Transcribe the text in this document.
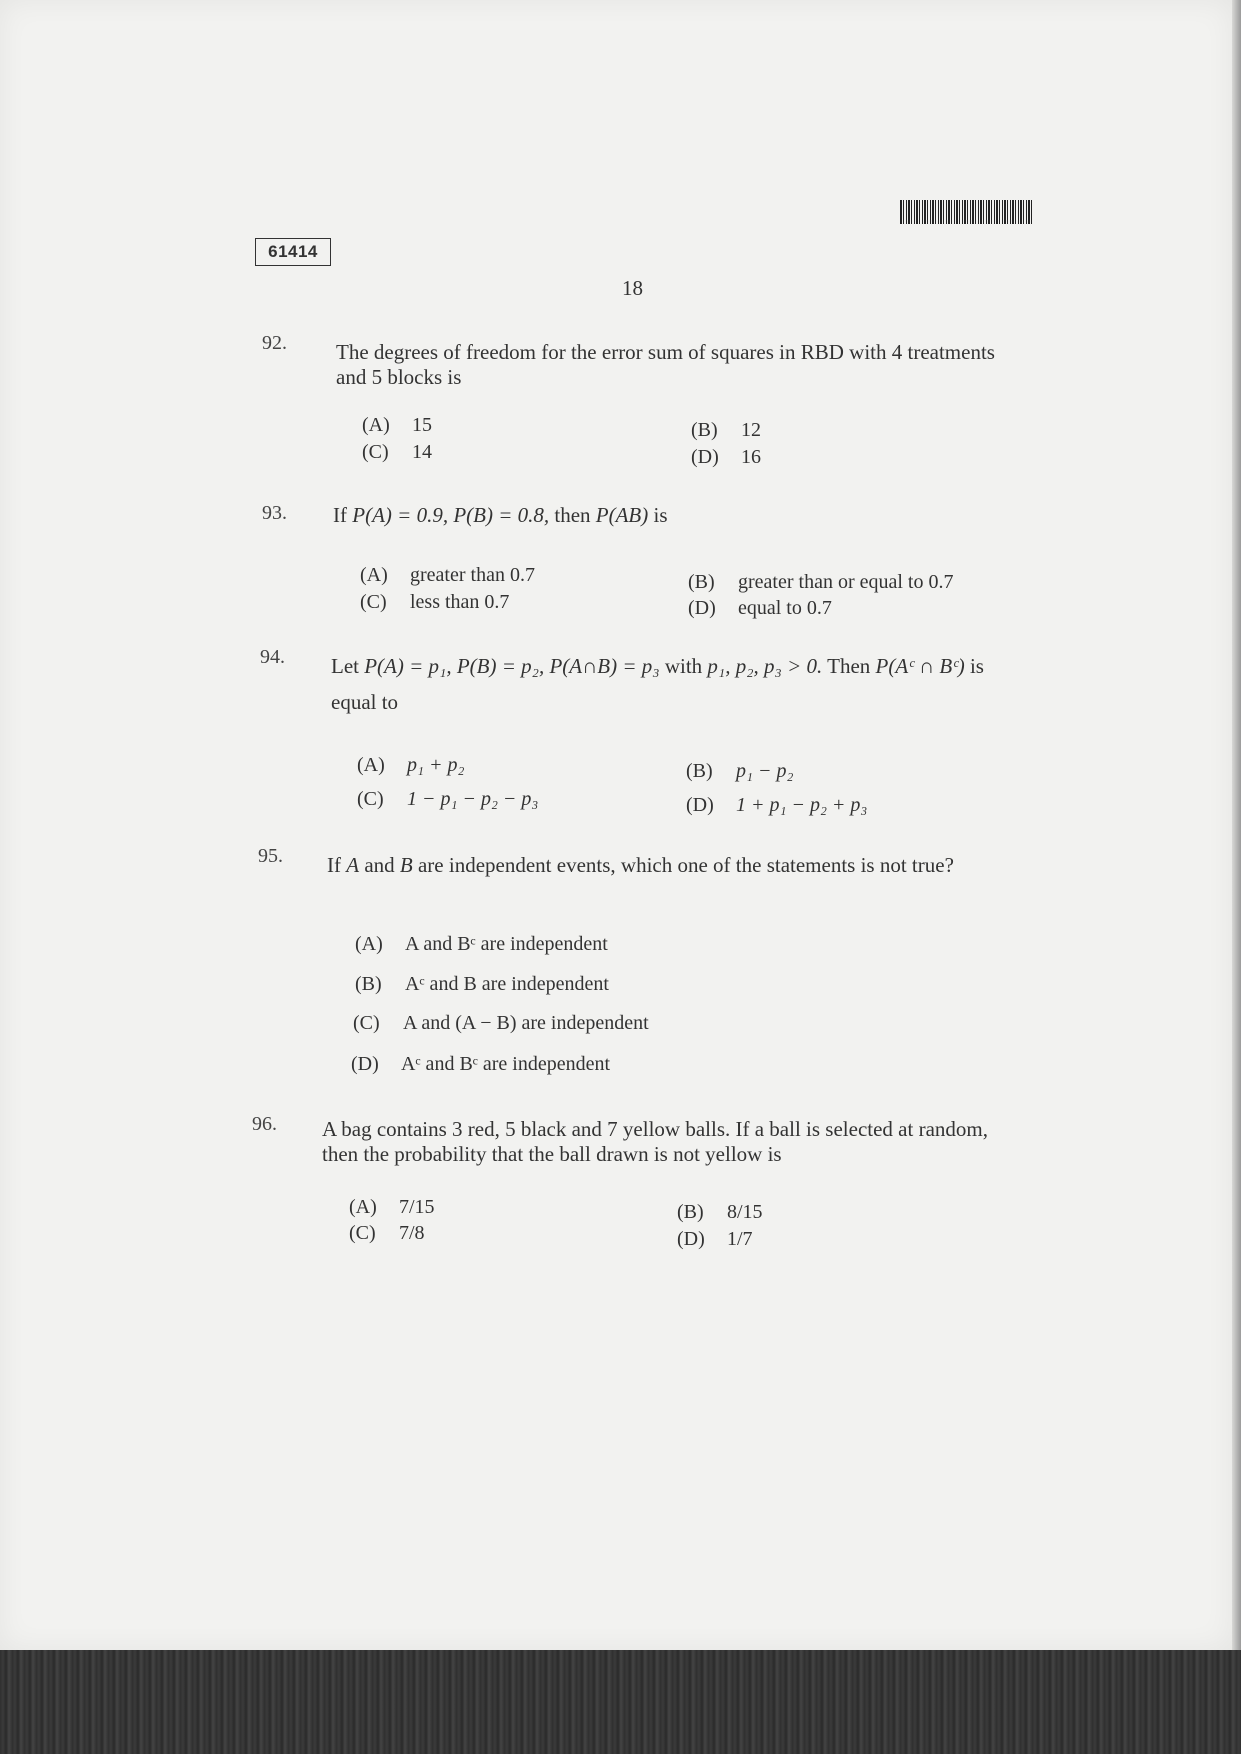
61414
18
92. The degrees of freedom for the error sum of squares in RBD with 4 treatments and 5 blocks is
(A) 15
(C) 14
(B) 12
(D) 16
93. If P(A) = 0.9, P(B) = 0.8, then P(AB) is
(A) greater than 0.7
(C) less than 0.7
(B) greater than or equal to 0.7
(D) equal to 0.7
94. Let P(A) = p₁, P(B) = p₂, P(A∩B) = p₃ with p₁, p₂, p₃ > 0. Then P(Aᶜ ∩ Bᶜ) is equal to
(A) p₁ + p₂
(C) 1 − p₁ − p₂ − p₃
(B) p₁ − p₂
(D) 1 + p₁ − p₂ + p₃
95. If A and B are independent events, which one of the statements is not true?
(A) A and Bᶜ are independent
(B) Aᶜ and B are independent
(C) A and (A − B) are independent
(D) Aᶜ and Bᶜ are independent
96. A bag contains 3 red, 5 black and 7 yellow balls. If a ball is selected at random, then the probability that the ball drawn is not yellow is
(A) 7/15
(C) 7/8
(B) 8/15
(D) 1/7
